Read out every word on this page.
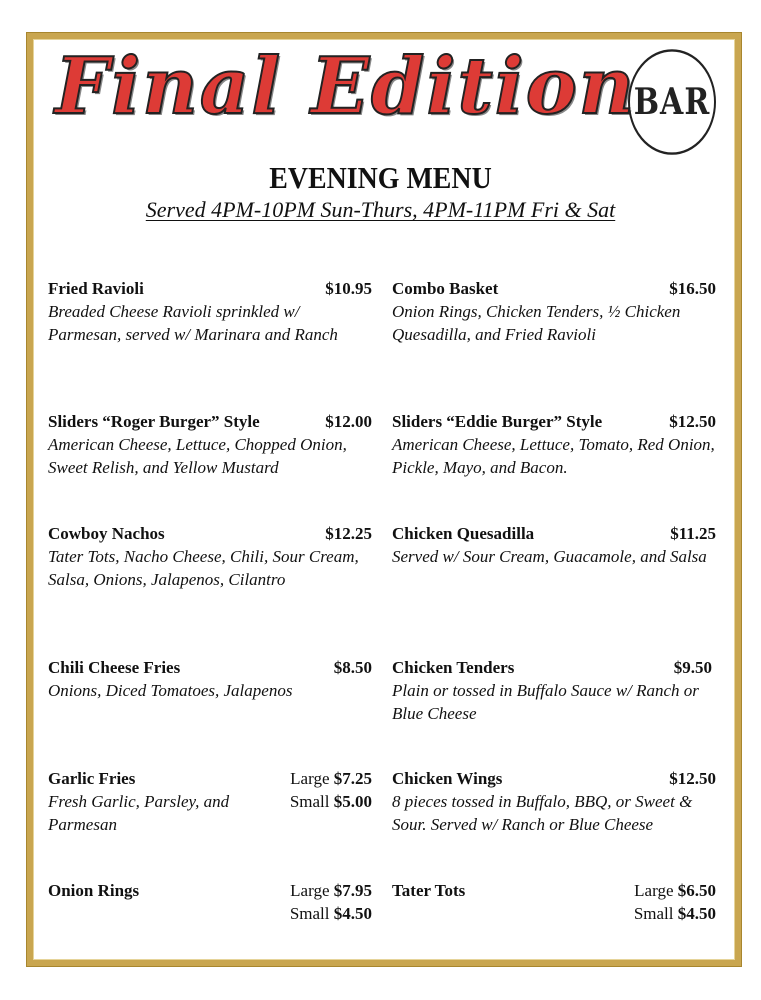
Final Edition
BAR
EVENING MENU
Served 4PM-10PM Sun-Thurs, 4PM-11PM Fri & Sat
Fried Ravioli	$10.95
Breaded Cheese Ravioli sprinkled w/ Parmesan, served w/ Marinara and Ranch
Combo Basket	$16.50
Onion Rings, Chicken Tenders, ½ Chicken Quesadilla, and Fried Ravioli
Sliders “Roger Burger” Style	$12.00
American Cheese, Lettuce, Chopped Onion, Sweet Relish, and Yellow Mustard
Sliders “Eddie Burger” Style	$12.50
American Cheese, Lettuce, Tomato, Red Onion, Pickle, Mayo, and Bacon.
Cowboy Nachos	$12.25
Tater Tots, Nacho Cheese, Chili, Sour Cream, Salsa, Onions, Jalapenos, Cilantro
Chicken Quesadilla	$11.25
Served w/ Sour Cream, Guacamole, and Salsa
Chili Cheese Fries	$8.50
Onions, Diced Tomatoes, Jalapenos
Chicken Tenders	$9.50
Plain or tossed in Buffalo Sauce w/ Ranch or Blue Cheese
Garlic Fries
Fresh Garlic, Parsley, and Parmesan
Large $7.25
Small $5.00
Chicken Wings	$12.50
8 pieces tossed in Buffalo, BBQ, or Sweet & Sour. Served w/ Ranch or Blue Cheese
Onion Rings	Large $7.95
Small $4.50
Tater Tots	Large $6.50
Small $4.50
